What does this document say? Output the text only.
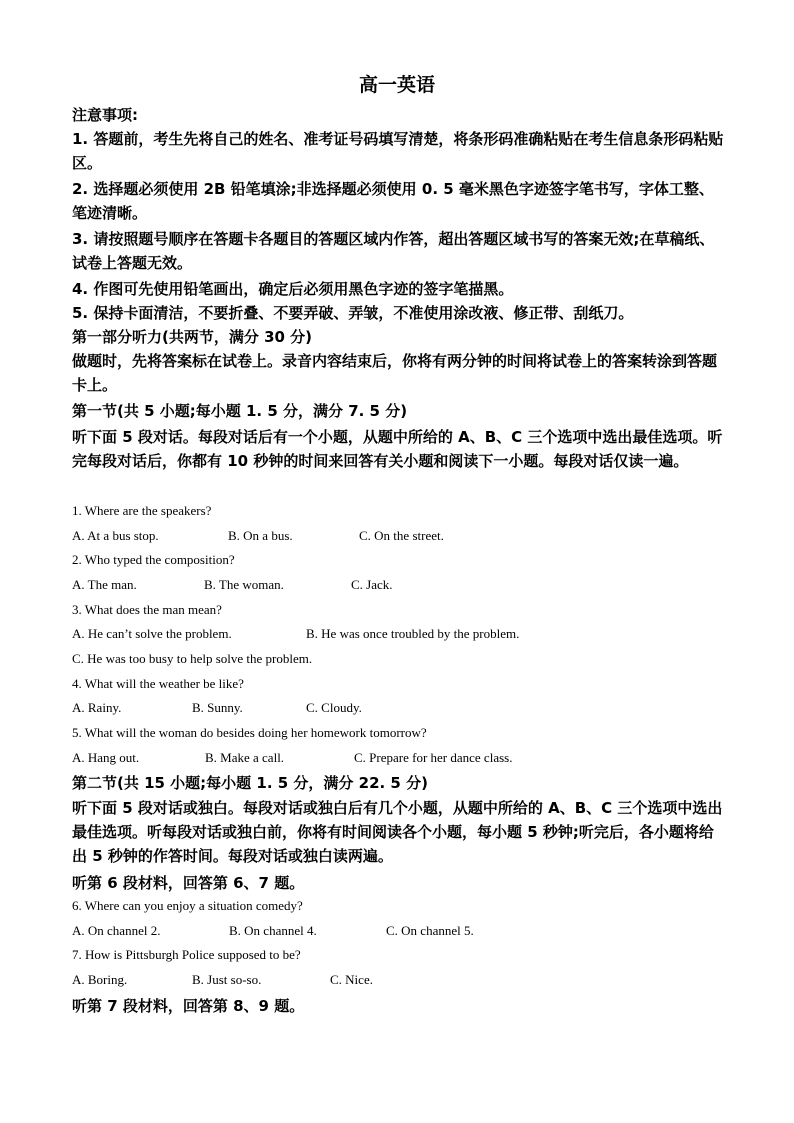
高一英语

注意事项:

1. 答题前，考生先将自己的姓名、准考证号码填写清楚，将条形码准确粘贴在考生信息条形码粘贴区。

2. 选择题必须使用 2B 铅笔填涂;非选择题必须使用 0. 5 毫米黑色字迹签字笔书写，字体工整、笔迹清晰。

3. 请按照题号顺序在答题卡各题目的答题区域内作答，超出答题区域书写的答案无效;在草稿纸、试卷上答题无效。

4. 作图可先使用铅笔画出，确定后必须用黑色字迹的签字笔描黑。

5. 保持卡面清洁，不要折叠、不要弄破、弄皱，不准使用涂改液、修正带、刮纸刀。

第一部分听力(共两节，满分 30 分)

做题时，先将答案标在试卷上。录音内容结束后，你将有两分钟的时间将试卷上的答案转涂到答题卡上。

第一节(共 5 小题;每小题 1. 5 分，满分 7. 5 分)

听下面 5 段对话。每段对话后有一个小题，从题中所给的 A、B、C 三个选项中选出最佳选项。听完每段对话后，你都有 10 秒钟的时间来回答有关小题和阅读下一小题。每段对话仅读一遍。

1. Where are the speakers?

A. At a bus stop.	B. On a bus.	C. On the street.

2. Who typed the composition?

A. The man.	B. The woman.	C. Jack.

3. What does the man mean?

A. He can’t solve the problem.	B. He was once troubled by the problem.
C. He was too busy to help solve the problem.

4. What will the weather be like?

A. Rainy.	B. Sunny.	C. Cloudy.

5. What will the woman do besides doing her homework tomorrow?

A. Hang out.	B. Make a call.	C. Prepare for her dance class.

第二节(共 15 小题;每小题 1. 5 分，满分 22. 5 分)

听下面 5 段对话或独白。每段对话或独白后有几个小题，从题中所给的 A、B、C 三个选项中选出最佳选项。听每段对话或独白前，你将有时间阅读各个小题，每小题 5 秒钟;听完后，各小题将给出 5 秒钟的作答时间。每段对话或独白读两遍。

听第 6 段材料，回答第 6、7 题。

6. Where can you enjoy a situation comedy?

A. On channel 2.	B. On channel 4.	C. On channel 5.

7. How is Pittsburgh Police supposed to be?

A. Boring.	B. Just so-so.	C. Nice.

听第 7 段材料，回答第 8、9 题。
